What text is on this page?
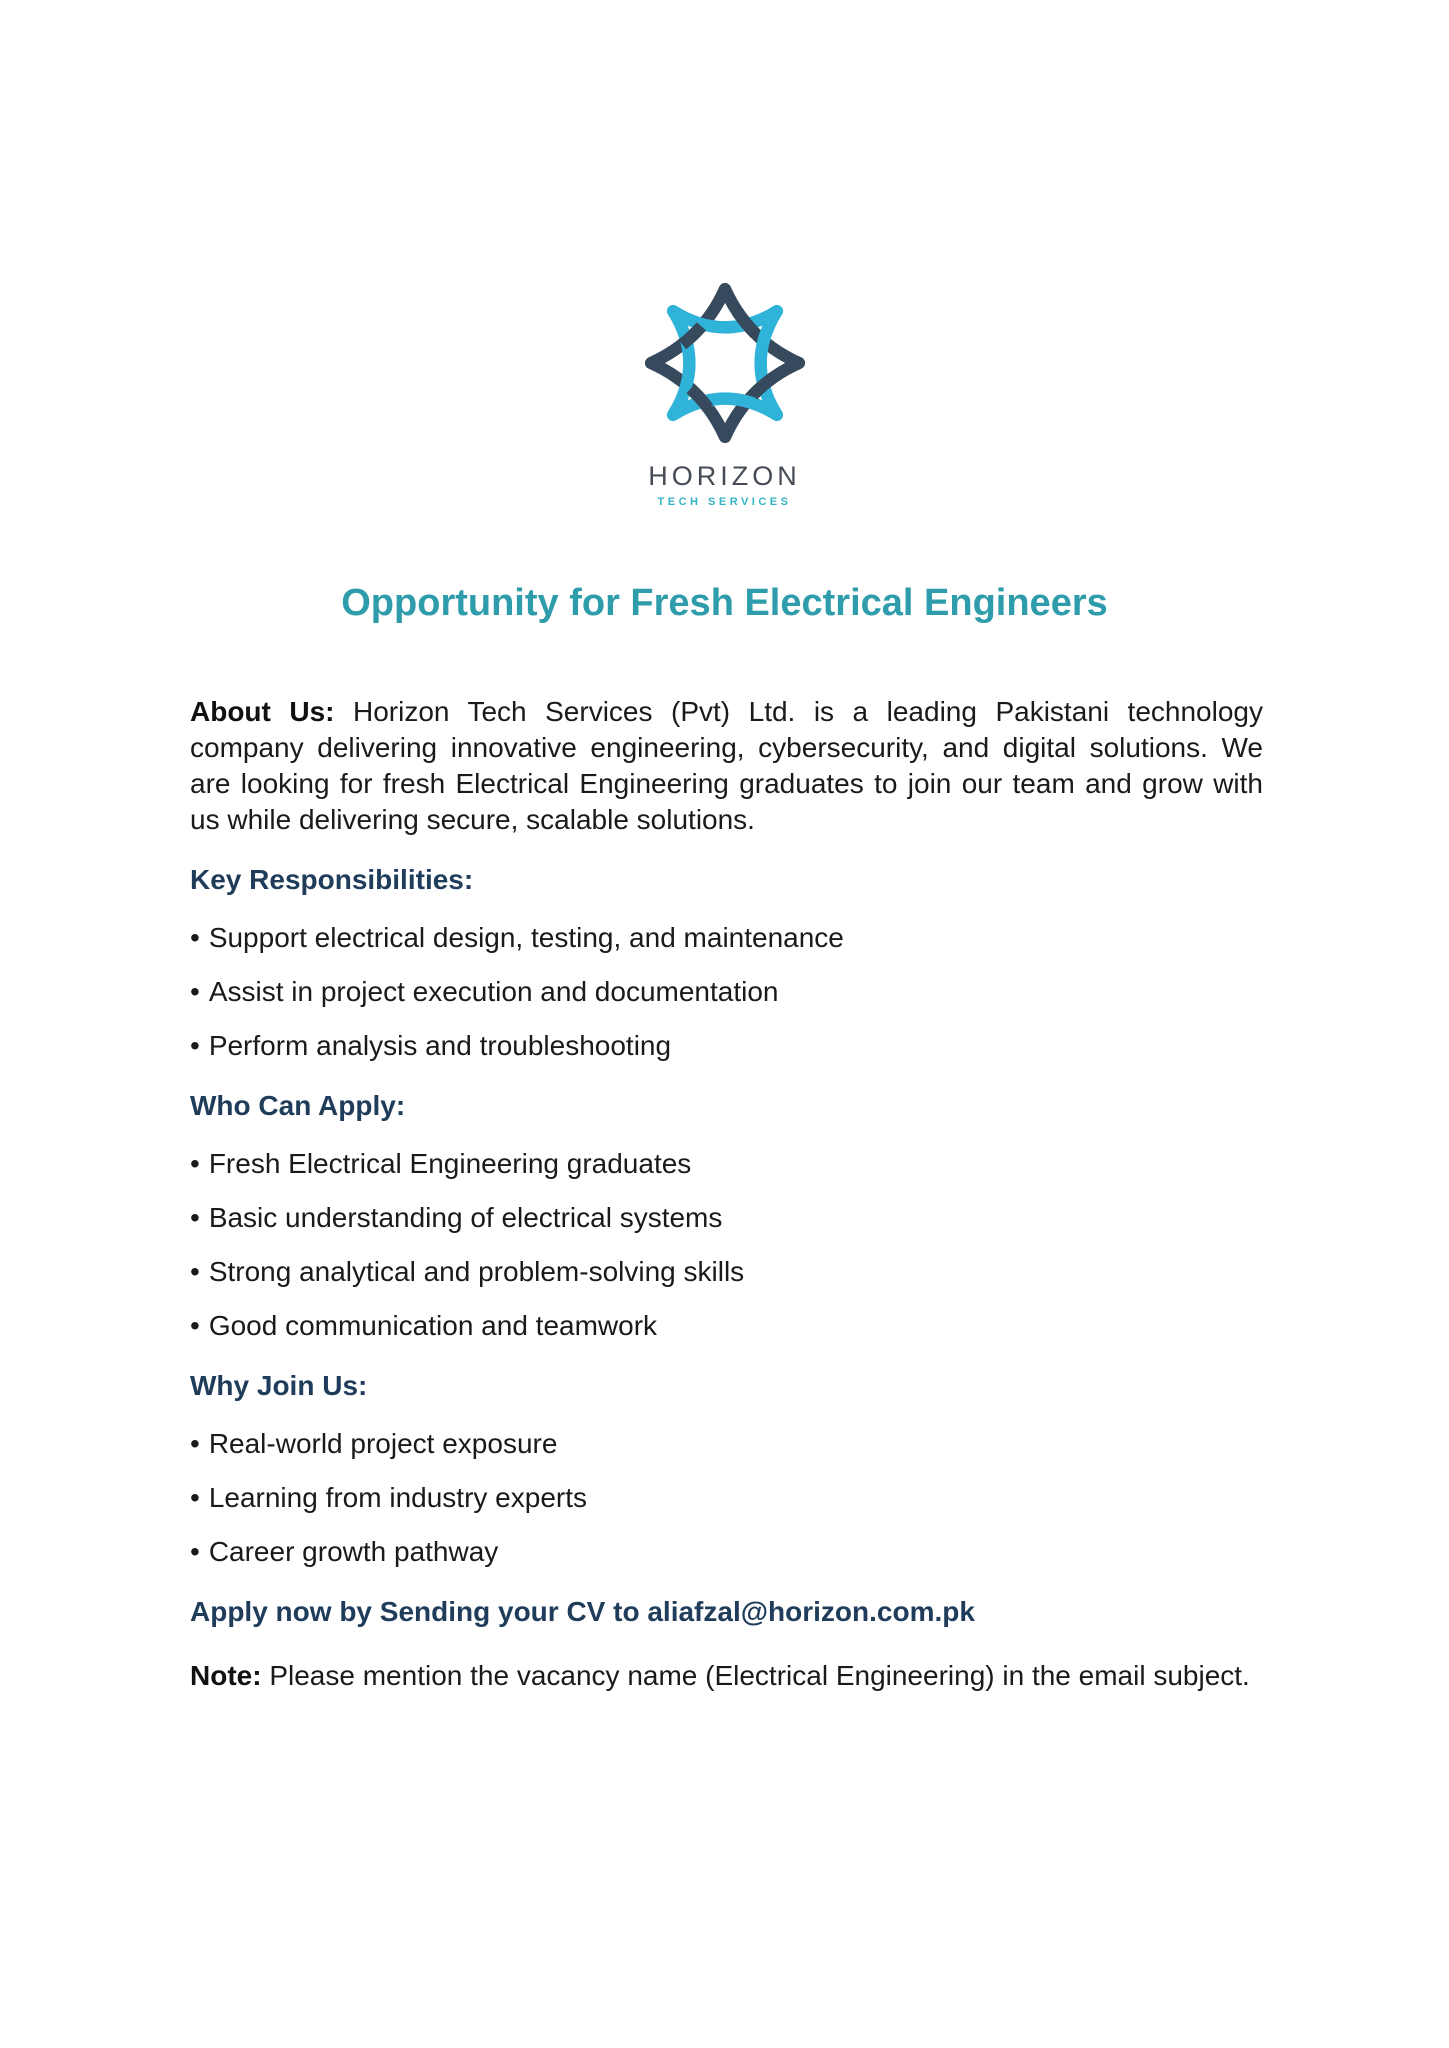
HORIZON
TECH SERVICES
Opportunity for Fresh Electrical Engineers

About Us: Horizon Tech Services (Pvt) Ltd. is a leading Pakistani technology company delivering innovative engineering, cybersecurity, and digital solutions. We are looking for fresh Electrical Engineering graduates to join our team and grow with us while delivering secure, scalable solutions.

Key Responsibilities:

• Support electrical design, testing, and maintenance

• Assist in project execution and documentation

• Perform analysis and troubleshooting

Who Can Apply:

• Fresh Electrical Engineering graduates

• Basic understanding of electrical systems

• Strong analytical and problem-solving skills

• Good communication and teamwork

Why Join Us:

• Real-world project exposure

• Learning from industry experts

• Career growth pathway

Apply now by Sending your CV to aliafzal@horizon.com.pk

Note: Please mention the vacancy name (Electrical Engineering) in the email subject.
